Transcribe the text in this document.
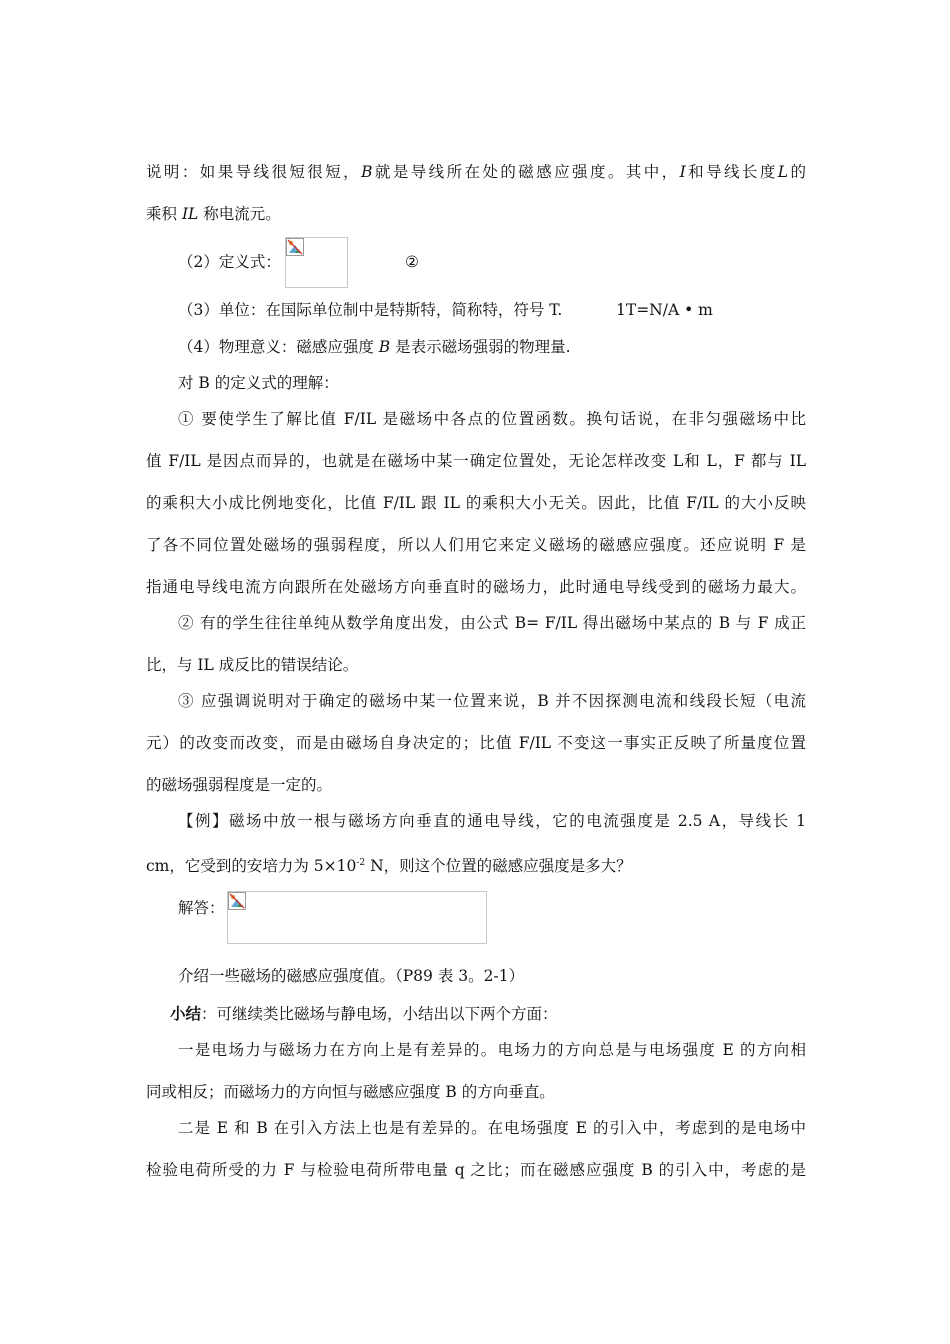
说明：如果导线很短很短，B就是导线所在处的磁感应强度。其中，I和导线长度L的
乘积 IL 称电流元。
（2）定义式：	②
（3）单位：在国际单位制中是特斯特，简称特，符号 T.	1T=N/A • m
（4）物理意义：磁感应强度 B 是表示磁场强弱的物理量.
对 B 的定义式的理解：
① 要使学生了解比值 F/IL 是磁场中各点的位置函数。换句话说，在非匀强磁场中比
值 F/IL 是因点而异的，也就是在磁场中某一确定位置处，无论怎样改变 L和 L，F 都与 IL
的乘积大小成比例地变化，比值 F/IL 跟 IL 的乘积大小无关。因此，比值 F/IL 的大小反映
了各不同位置处磁场的强弱程度，所以人们用它来定义磁场的磁感应强度。还应说明 F 是
指通电导线电流方向跟所在处磁场方向垂直时的磁场力，此时通电导线受到的磁场力最大。
② 有的学生往往单纯从数学角度出发，由公式 B= F/IL 得出磁场中某点的 B 与 F 成正
比，与 IL 成反比的错误结论。
③ 应强调说明对于确定的磁场中某一位置来说，B 并不因探测电流和线段长短（电流
元）的改变而改变，而是由磁场自身决定的；比值 F/IL 不变这一事实正反映了所量度位置
的磁场强弱程度是一定的。
【例】磁场中放一根与磁场方向垂直的通电导线，它的电流强度是 2.5 A，导线长 1
cm，它受到的安培力为 $5\times 10^{-2}$ N，则这个位置的磁感应强度是多大？
解答：
介绍一些磁场的磁感应强度值。（P89 表 3。2-1）
小结：可继续类比磁场与静电场，小结出以下两个方面：
一是电场力与磁场力在方向上是有差异的。电场力的方向总是与电场强度 E 的方向相
同或相反；而磁场力的方向恒与磁感应强度 B 的方向垂直。
二是 E 和 B 在引入方法上也是有差异的。在电场强度 E 的引入中，考虑到的是电场中
检验电荷所受的力 F 与检验电荷所带电量 q 之比；而在磁感应强度 B 的引入中，考虑的是
